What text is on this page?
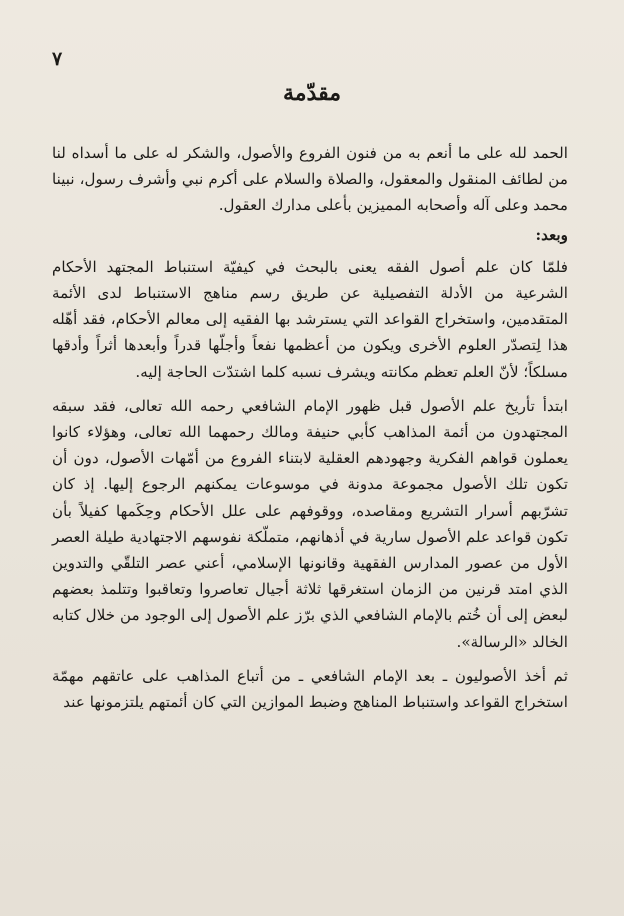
٧
مقدّمة

الحمد لله على ما أنعم به من فنون الفروع والأصول، والشكر له على ما أسداه لنا من لطائف المنقول والمعقول، والصلاة والسلام على أكرم نبي وأشرف رسول، نبينا محمد وعلى آله وأصحابه المميزين بأعلى مدارك العقول.

وبعد:

فلمّا كان علم أصول الفقه يعنى بالبحث في كيفيّة استنباط المجتهد الأحكام الشرعية من الأدلة التفصيلية عن طريق رسم مناهج الاستنباط لدى الأئمة المتقدمين، واستخراج القواعد التي يسترشد بها الفقيه إلى معالم الأحكام، فقد أهّله هذا لِتصدّر العلوم الأخرى ويكون من أعظمها نفعاً وأجلّها قدراً وأبعدها أثراً وأدقها مسلكاً؛ لأنّ العلم تعظم مكانته ويشرف نسبه كلما اشتدّت الحاجة إليه.

ابتدأ تأريخ علم الأصول قبل ظهور الإمام الشافعي رحمه الله تعالى، فقد سبقه المجتهدون من أئمة المذاهب كأبي حنيفة ومالك رحمهما الله تعالى، وهؤلاء كانوا يعملون قواهم الفكرية وجهودهم العقلية لابتناء الفروع من أمّهات الأصول، دون أن تكون تلك الأصول مجموعة مدونة في موسوعات يمكنهم الرجوع إليها. إذ كان تشرّبهم أسرار التشريع ومقاصده، ووقوفهم على علل الأحكام وحِكَمها كفيلاً بأن تكون قواعد علم الأصول سارية في أذهانهم، متملّكة نفوسهم الاجتهادية طيلة العصر الأول من عصور المدارس الفقهية وقانونها الإسلامي، أعني عصر التلقّي والتدوين الذي امتد قرنين من الزمان استغرقها ثلاثة أجيال تعاصروا وتعاقبوا وتتلمذ بعضهم لبعض إلى أن خُتم بالإمام الشافعي الذي برّز علم الأصول إلى الوجود من خلال كتابه الخالد «الرسالة».

ثم أخذ الأصوليون ـ بعد الإمام الشافعي ـ من أتباع المذاهب على عاتقهم مهمّة استخراج القواعد واستنباط المناهج وضبط الموازين التي كان أئمتهم يلتزمونها عند
